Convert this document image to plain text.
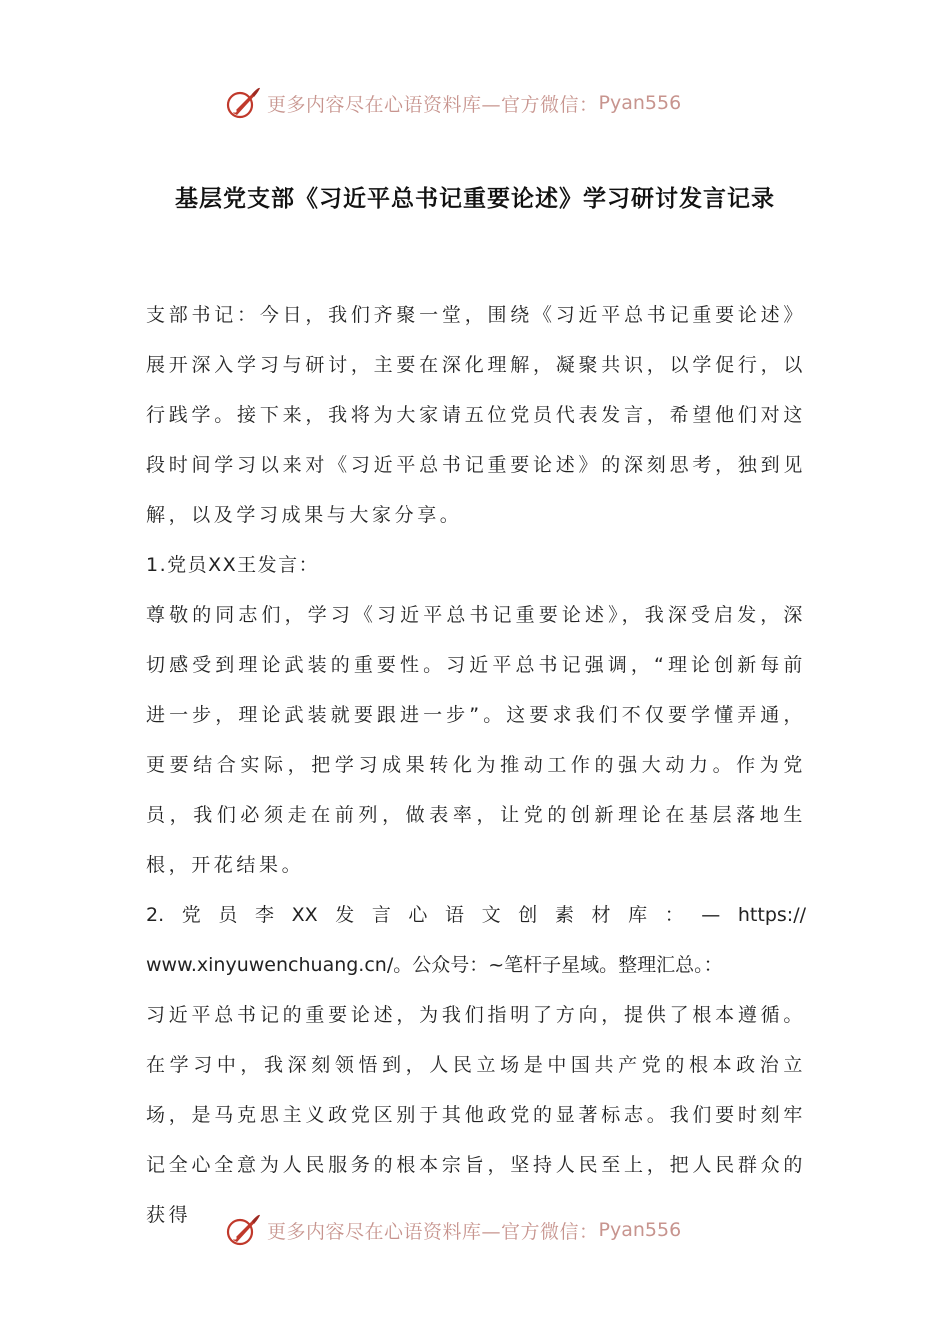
更多内容尽在心语资料库—官方微信： Pyan556
基层党支部《习近平总书记重要论述》学习研讨发言记录

支部书记：今日，我们齐聚一堂，围绕《习近平总书记重要论述》展开深入学习与研讨，主要在深化理解，凝聚共识，以学促行，以行践学。接下来，我将为大家请五位党员代表发言，希望他们对这段时间学习以来对《习近平总书记重要论述》的深刻思考，独到见解，以及学习成果与大家分享。

1.党员XX王发言：

尊敬的同志们，学习《习近平总书记重要论述》，我深受启发，深切感受到理论武装的重要性。习近平总书记强调，“理论创新每前进一步，理论武装就要跟进一步”。这要求我们不仅要学懂弄通，更要结合实际，把学习成果转化为推动工作的强大动力。作为党员，我们必须走在前列，做表率，让党的创新理论在基层落地生根，开花结果。

2. 党 员 李 XX 发 言 心 语 文 创 素 材 库 ： — https://

www.xinyuwenchuang.cn/。公众号：~笔杆子星域。整理汇总。：

习近平总书记的重要论述，为我们指明了方向，提供了根本遵循。在学习中，我深刻领悟到，人民立场是中国共产党的根本政治立场，是马克思主义政党区别于其他政党的显著标志。我们要时刻牢记全心全意为人民服务的根本宗旨，坚持人民至上，把人民群众的获得

更多内容尽在心语资料库—官方微信： Pyan556
